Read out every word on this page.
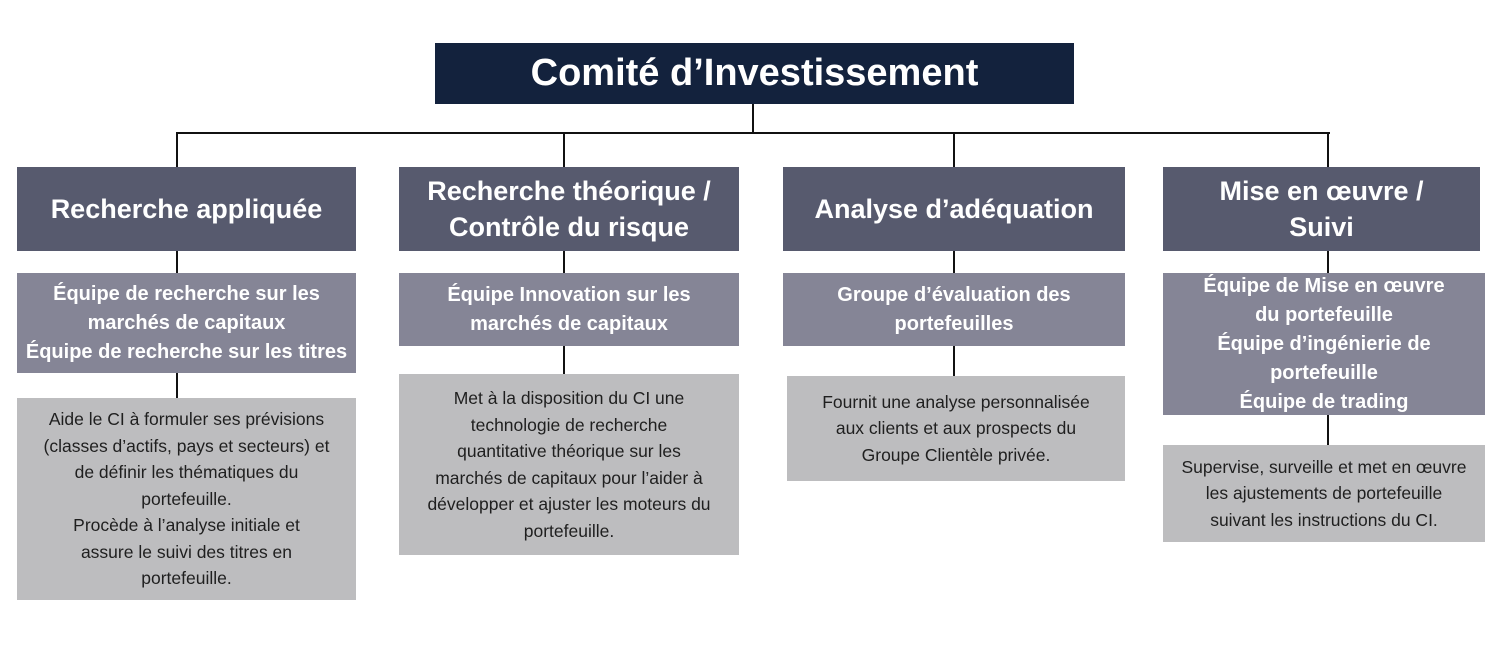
Comité d’Investissement
Recherche appliquée
Équipe de recherche sur les
marchés de capitaux
Équipe de recherche sur les titres
Aide le CI à formuler ses prévisions
(classes d’actifs, pays et secteurs) et
de définir les thématiques du
portefeuille.
Procède à l’analyse initiale et
assure le suivi des titres en
portefeuille.
Recherche théorique /
Contrôle du risque
Équipe Innovation sur les
marchés de capitaux
Met à la disposition du CI une
technologie de recherche
quantitative théorique sur les
marchés de capitaux pour l’aider à
développer et ajuster les moteurs du
portefeuille.
Analyse d’adéquation
Groupe d’évaluation des
portefeuilles
Fournit une analyse personnalisée
aux clients et aux prospects du
Groupe Clientèle privée.
Mise en œuvre /
Suivi
Équipe de Mise en œuvre
du portefeuille
Équipe d’ingénierie de portefeuille
Équipe de trading
Supervise, surveille et met en œuvre
les ajustements de portefeuille
suivant les instructions du CI.
